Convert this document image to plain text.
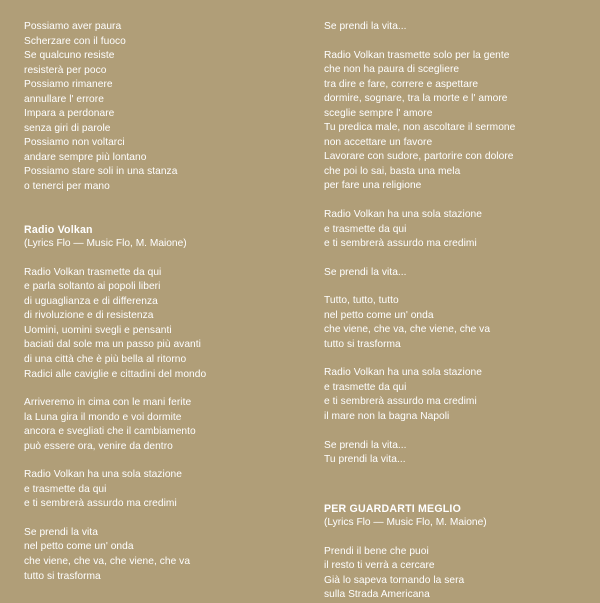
Possiamo aver paura
Scherzare con il fuoco
Se qualcuno resiste
resisterà per poco
Possiamo rimanere
annullare l' errore
Impara a perdonare
senza giri di parole
Possiamo non voltarci
andare sempre più lontano
Possiamo stare soli in una stanza
o tenerci per mano
Radio Volkan
(Lyrics Flo — Music Flo, M. Maione)
Radio Volkan trasmette da qui
e parla soltanto ai popoli liberi
di uguaglianza e di differenza
di rivoluzione e di resistenza
Uomini, uomini svegli e pensanti
baciati dal sole ma un passo più avanti
di una città che è più bella al ritorno
Radici alle caviglie e cittadini del mondo
Arriveremo in cima con le mani ferite
la Luna gira il mondo e voi dormite
ancora e svegliati che il cambiamento
può essere ora, venire da dentro
Radio Volkan ha una sola stazione
e trasmette da qui
e ti sembrerà assurdo ma credimi
Se prendi la vita
nel petto come un' onda
che viene, che va, che viene, che va
tutto si trasforma
Se prendi la vita...
Radio Volkan trasmette solo per la gente
che non ha paura di scegliere
tra dire e fare, correre e aspettare
dormire, sognare, tra la morte e l' amore
sceglie sempre l' amore
Tu predica male, non ascoltare il sermone
non accettare un favore
Lavorare con sudore, partorire con dolore
che poi lo sai, basta una mela
per fare una religione
Radio Volkan ha una sola stazione
e trasmette da qui
e ti sembrerà assurdo ma credimi
Se prendi la vita...
Tutto, tutto, tutto
nel petto come un' onda
che viene, che va, che viene, che va
tutto si trasforma
Radio Volkan ha una sola stazione
e trasmette da qui
e ti sembrerà assurdo ma credimi
il mare non la bagna Napoli
Se prendi la vita...
Tu prendi la vita...
PER GUARDARTI MEGLIO
(Lyrics Flo — Music Flo, M. Maione)
Prendi il bene che puoi
il resto ti verrà a cercare
Già lo sapeva tornando la sera
sulla Strada Americana
